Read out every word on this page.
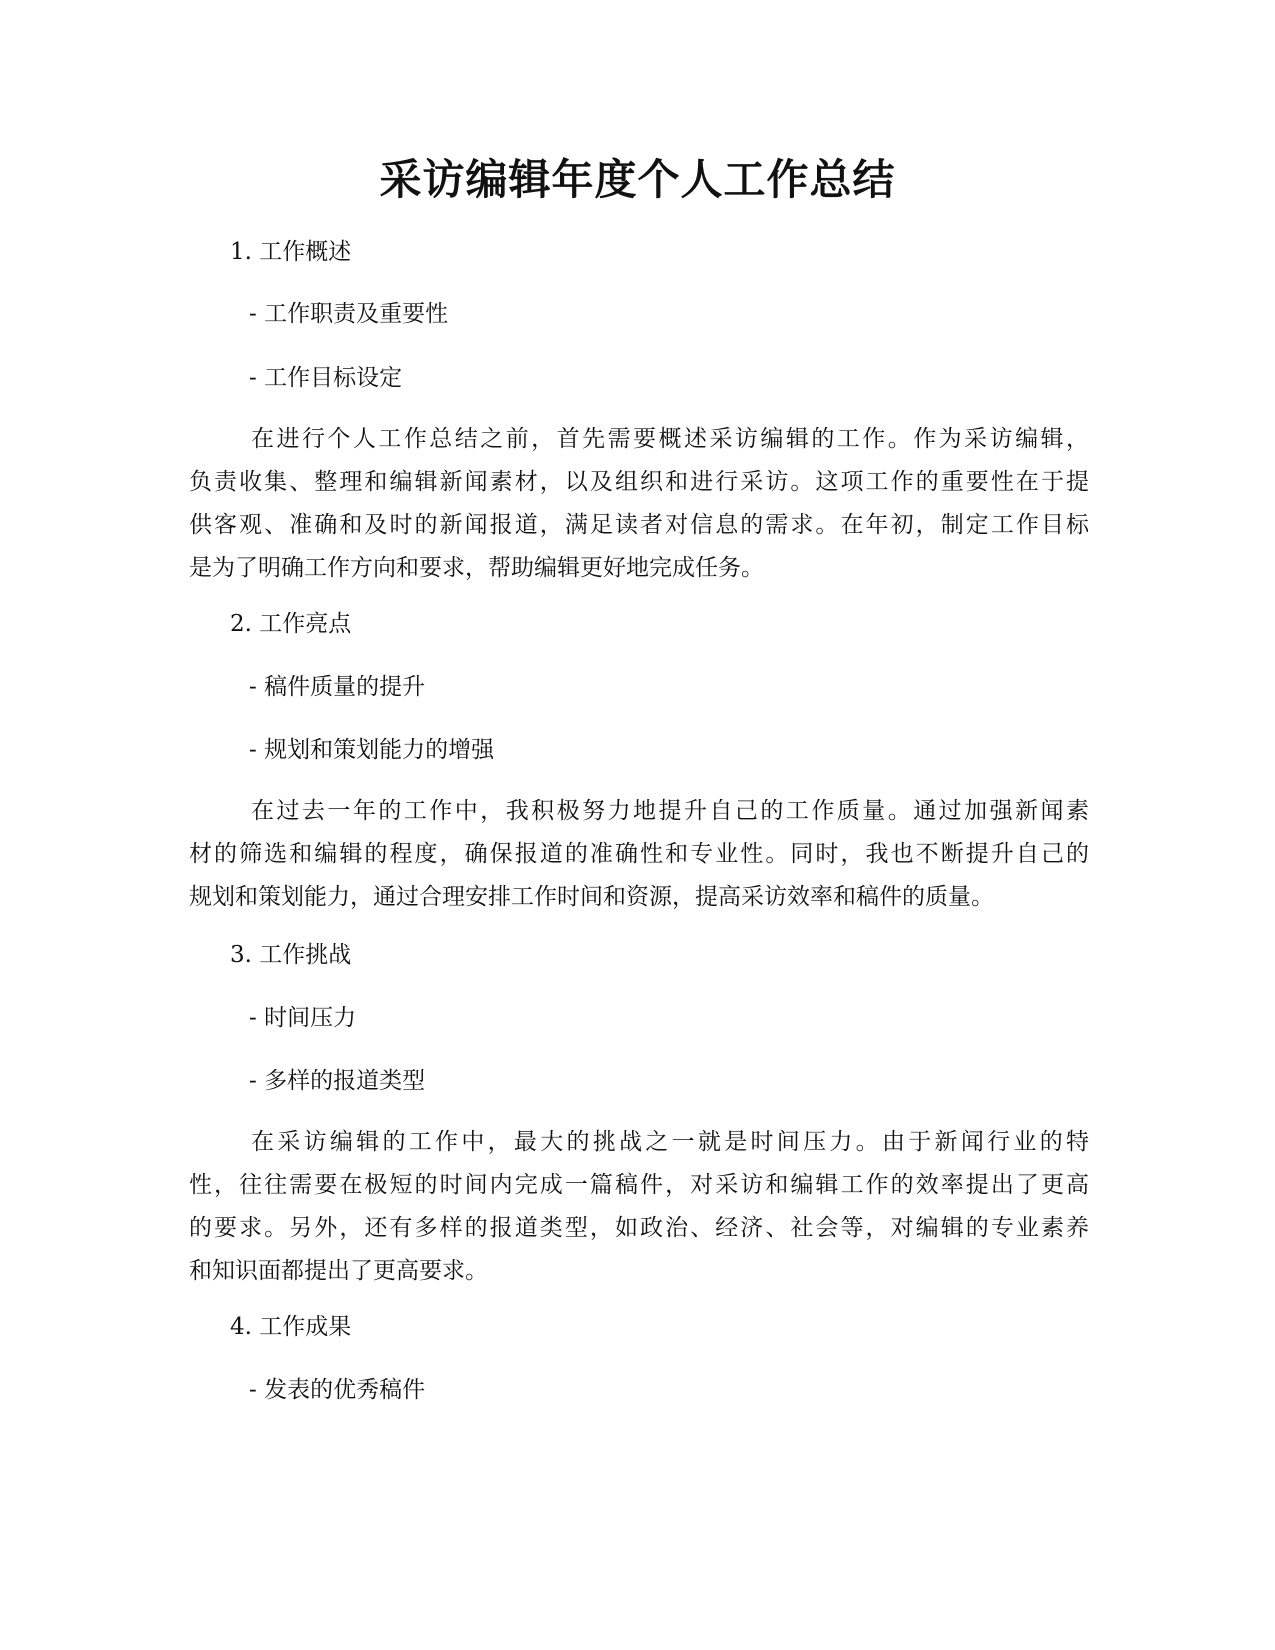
采访编辑年度个人工作总结

1. 工作概述

- 工作职责及重要性

- 工作目标设定

在进行个人工作总结之前，首先需要概述采访编辑的工作。作为采访编辑，
负责收集、整理和编辑新闻素材，以及组织和进行采访。这项工作的重要性在于提
供客观、准确和及时的新闻报道，满足读者对信息的需求。在年初，制定工作目标
是为了明确工作方向和要求，帮助编辑更好地完成任务。

2. 工作亮点

- 稿件质量的提升

- 规划和策划能力的增强

在过去一年的工作中，我积极努力地提升自己的工作质量。通过加强新闻素
材的筛选和编辑的程度，确保报道的准确性和专业性。同时，我也不断提升自己的
规划和策划能力，通过合理安排工作时间和资源，提高采访效率和稿件的质量。

3. 工作挑战

- 时间压力

- 多样的报道类型

在采访编辑的工作中，最大的挑战之一就是时间压力。由于新闻行业的特
性，往往需要在极短的时间内完成一篇稿件，对采访和编辑工作的效率提出了更高
的要求。另外，还有多样的报道类型，如政治、经济、社会等，对编辑的专业素养
和知识面都提出了更高要求。

4. 工作成果

- 发表的优秀稿件
